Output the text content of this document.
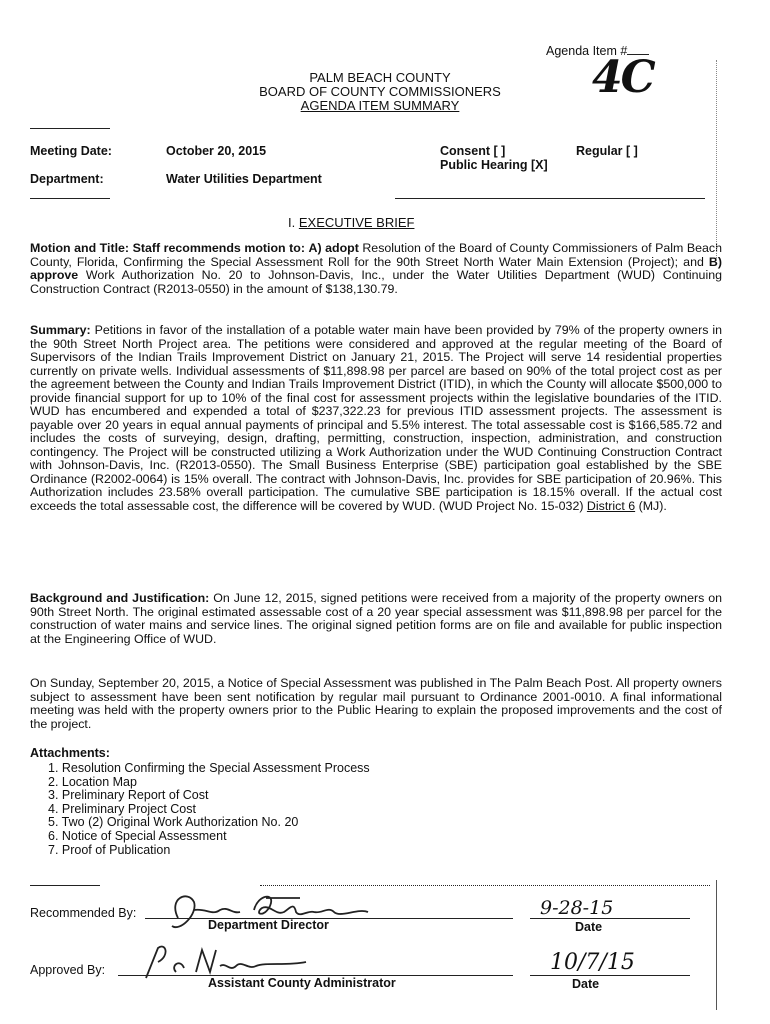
Agenda Item #
4C
PALM BEACH COUNTY
BOARD OF COUNTY COMMISSIONERS
AGENDA ITEM SUMMARY
Meeting Date:	October 20, 2015	Consent [ ]	Regular [ ]
Public Hearing [X]
Department:	Water Utilities Department
I. EXECUTIVE BRIEF
Motion and Title: Staff recommends motion to: A) adopt Resolution of the Board of County Commissioners of Palm Beach County, Florida, Confirming the Special Assessment Roll for the 90th Street North Water Main Extension (Project); and B) approve Work Authorization No. 20 to Johnson-Davis, Inc., under the Water Utilities Department (WUD) Continuing Construction Contract (R2013-0550) in the amount of $138,130.79.
Summary: Petitions in favor of the installation of a potable water main have been provided by 79% of the property owners in the 90th Street North Project area. The petitions were considered and approved at the regular meeting of the Board of Supervisors of the Indian Trails Improvement District on January 21, 2015. The Project will serve 14 residential properties currently on private wells. Individual assessments of $11,898.98 per parcel are based on 90% of the total project cost as per the agreement between the County and Indian Trails Improvement District (ITID), in which the County will allocate $500,000 to provide financial support for up to 10% of the final cost for assessment projects within the legislative boundaries of the ITID. WUD has encumbered and expended a total of $237,322.23 for previous ITID assessment projects. The assessment is payable over 20 years in equal annual payments of principal and 5.5% interest. The total assessable cost is $166,585.72 and includes the costs of surveying, design, drafting, permitting, construction, inspection, administration, and construction contingency. The Project will be constructed utilizing a Work Authorization under the WUD Continuing Construction Contract with Johnson-Davis, Inc. (R2013-0550). The Small Business Enterprise (SBE) participation goal established by the SBE Ordinance (R2002-0064) is 15% overall. The contract with Johnson-Davis, Inc. provides for SBE participation of 20.96%. This Authorization includes 23.58% overall participation. The cumulative SBE participation is 18.15% overall. If the actual cost exceeds the total assessable cost, the difference will be covered by WUD. (WUD Project No. 15-032) District 6 (MJ).
Background and Justification: On June 12, 2015, signed petitions were received from a majority of the property owners on 90th Street North. The original estimated assessable cost of a 20 year special assessment was $11,898.98 per parcel for the construction of water mains and service lines. The original signed petition forms are on file and available for public inspection at the Engineering Office of WUD.
On Sunday, September 20, 2015, a Notice of Special Assessment was published in The Palm Beach Post. All property owners subject to assessment have been sent notification by regular mail pursuant to Ordinance 2001-0010. A final informational meeting was held with the property owners prior to the Public Hearing to explain the proposed improvements and the cost of the project.
Attachments:
1. Resolution Confirming the Special Assessment Process
2. Location Map
3. Preliminary Report of Cost
4. Preliminary Project Cost
5. Two (2) Original Work Authorization No. 20
6. Notice of Special Assessment
7. Proof of Publication
Recommended By:
Department Director
9-28-15
Date
Approved By:
Assistant County Administrator
10/7/15
Date
